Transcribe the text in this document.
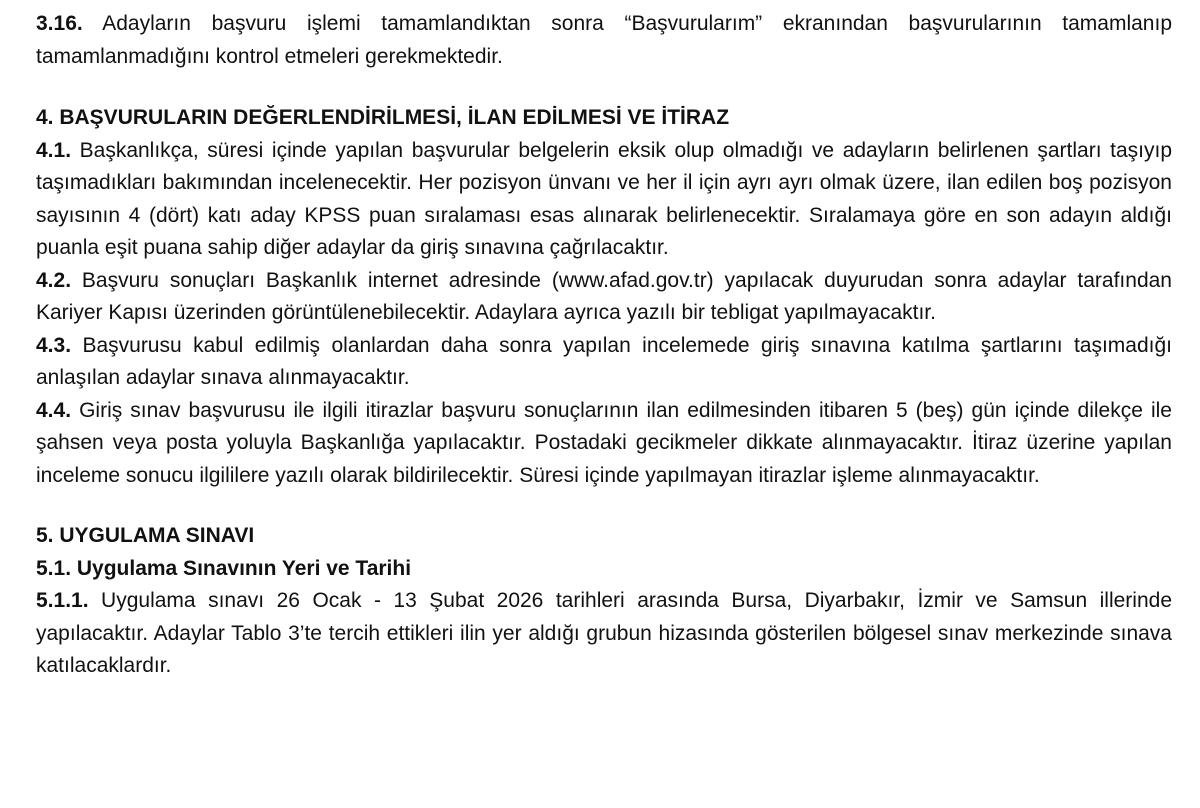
3.16. Adayların başvuru işlemi tamamlandıktan sonra “Başvurularım” ekranından başvurularının tamamlanıp tamamlanmadığını kontrol etmeleri gerekmektedir.

4. BAŞVURULARIN DEĞERLENDİRİLMESİ, İLAN EDİLMESİ VE İTİRAZ

4.1. Başkanlıkça, süresi içinde yapılan başvurular belgelerin eksik olup olmadığı ve adayların belirlenen şartları taşıyıp taşımadıkları bakımından incelenecektir. Her pozisyon ünvanı ve her il için ayrı ayrı olmak üzere, ilan edilen boş pozisyon sayısının 4 (dört) katı aday KPSS puan sıralaması esas alınarak belirlenecektir. Sıralamaya göre en son adayın aldığı puanla eşit puana sahip diğer adaylar da giriş sınavına çağrılacaktır.

4.2. Başvuru sonuçları Başkanlık internet adresinde (www.afad.gov.tr) yapılacak duyurudan sonra adaylar tarafından Kariyer Kapısı üzerinden görüntülenebilecektir. Adaylara ayrıca yazılı bir tebligat yapılmayacaktır.

4.3. Başvurusu kabul edilmiş olanlardan daha sonra yapılan incelemede giriş sınavına katılma şartlarını taşımadığı anlaşılan adaylar sınava alınmayacaktır.

4.4. Giriş sınav başvurusu ile ilgili itirazlar başvuru sonuçlarının ilan edilmesinden itibaren 5 (beş) gün içinde dilekçe ile şahsen veya posta yoluyla Başkanlığa yapılacaktır. Postadaki gecikmeler dikkate alınmayacaktır. İtiraz üzerine yapılan inceleme sonucu ilgililere yazılı olarak bildirilecektir. Süresi içinde yapılmayan itirazlar işleme alınmayacaktır.

5. UYGULAMA SINAVI
5.1. Uygulama Sınavının Yeri ve Tarihi

5.1.1. Uygulama sınavı 26 Ocak - 13 Şubat 2026 tarihleri arasında Bursa, Diyarbakır, İzmir ve Samsun illerinde yapılacaktır. Adaylar Tablo 3’te tercih ettikleri ilin yer aldığı grubun hizasında gösterilen bölgesel sınav merkezinde sınava katılacaklardır.
